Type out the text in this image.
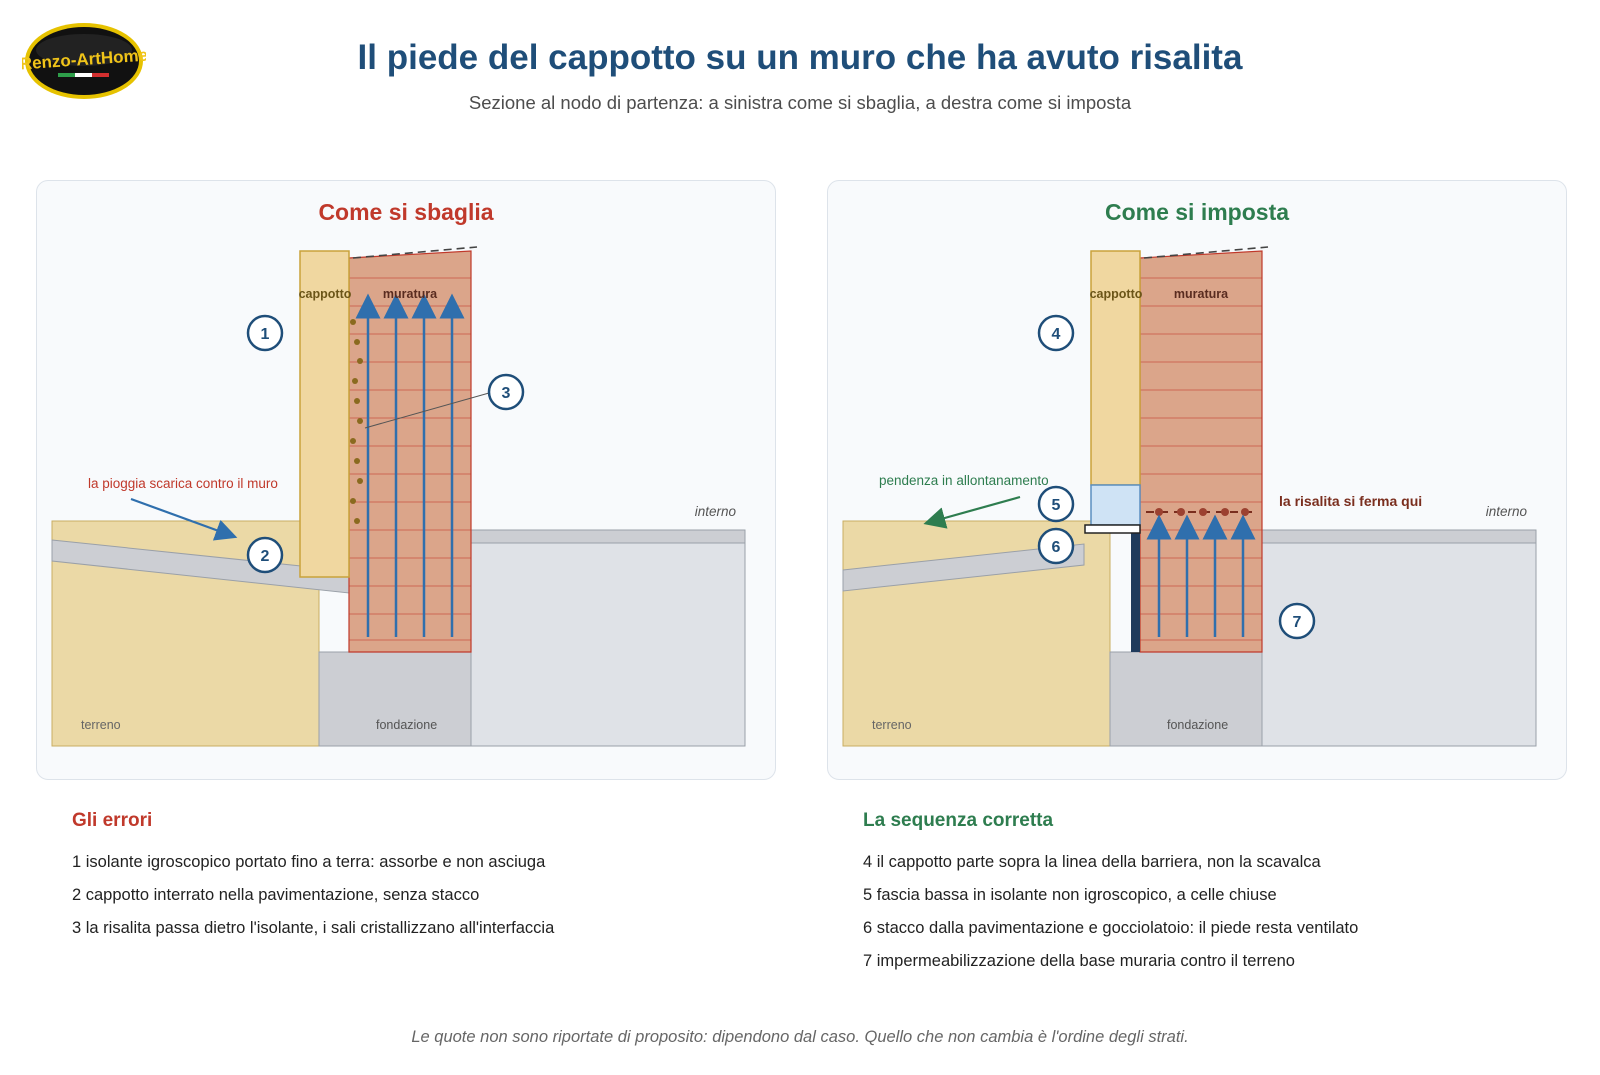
Renzo-ArtHome	Il piede del cappotto su un muro che ha avuto risalita
Sezione al nodo di partenza: a sinistra come si sbaglia, a destra come si imposta
Come si sbaglia
cappotto	muratura
interno
terreno	fondazione
la pioggia scarica contro il muro
1
2
3
Come si imposta
cappotto	muratura
interno
terreno	fondazione
pendenza in allontanamento
la risalita si ferma qui
4
5
6
7
Gli errori
1 isolante igroscopico portato fino a terra: assorbe e non asciuga
2 cappotto interrato nella pavimentazione, senza stacco
3 la risalita passa dietro l'isolante, i sali cristallizzano all'interfaccia
La sequenza corretta
4 il cappotto parte sopra la linea della barriera, non la scavalca
5 fascia bassa in isolante non igroscopico, a celle chiuse
6 stacco dalla pavimentazione e gocciolatoio: il piede resta ventilato
7 impermeabilizzazione della base muraria contro il terreno
Le quote non sono riportate di proposito: dipendono dal caso. Quello che non cambia è l'ordine degli strati.
